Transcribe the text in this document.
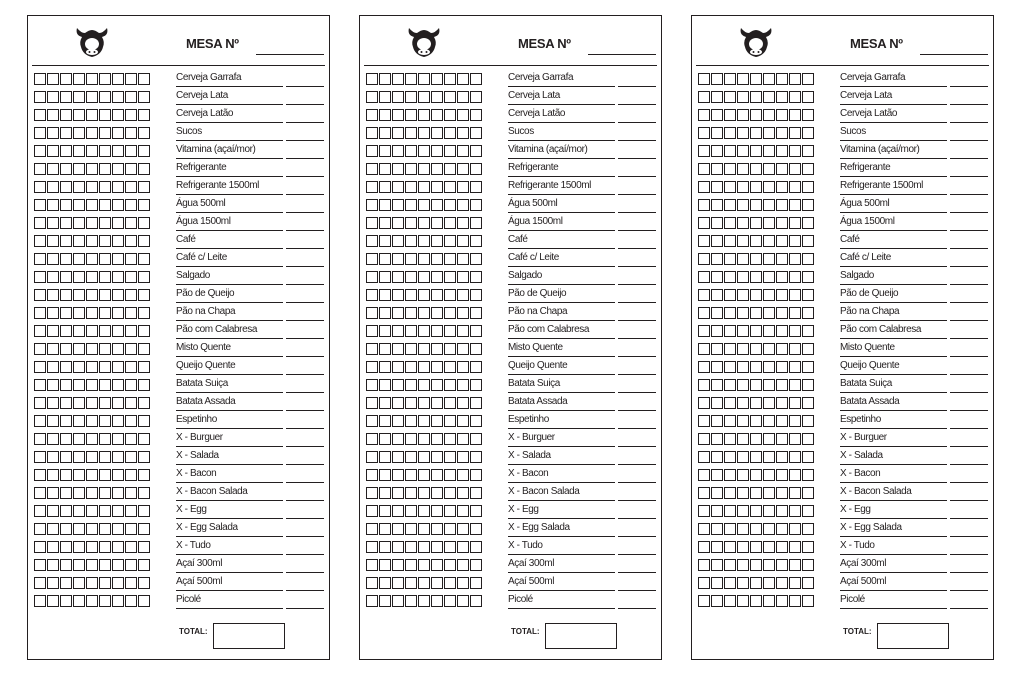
MESA Nº
Cerveja Garrafa
Cerveja Lata
Cerveja Latão
Sucos
Vitamina (açaí/mor)
Refrigerante
Refrigerante 1500ml
Água 500ml
Água 1500ml
Café
Café c/ Leite
Salgado
Pão de Queijo
Pão na Chapa
Pão com Calabresa
Misto Quente
Queijo Quente
Batata Suiça
Batata Assada
Espetinho
X - Burguer
X - Salada
X - Bacon
X - Bacon Salada
X - Egg
X - Egg Salada
X - Tudo
Açaí 300ml
Açaí 500ml
Picolé
TOTAL:
MESA Nº
Cerveja Garrafa
Cerveja Lata
Cerveja Latão
Sucos
Vitamina (açaí/mor)
Refrigerante
Refrigerante 1500ml
Água 500ml
Água 1500ml
Café
Café c/ Leite
Salgado
Pão de Queijo
Pão na Chapa
Pão com Calabresa
Misto Quente
Queijo Quente
Batata Suiça
Batata Assada
Espetinho
X - Burguer
X - Salada
X - Bacon
X - Bacon Salada
X - Egg
X - Egg Salada
X - Tudo
Açaí 300ml
Açaí 500ml
Picolé
TOTAL:
MESA Nº
Cerveja Garrafa
Cerveja Lata
Cerveja Latão
Sucos
Vitamina (açaí/mor)
Refrigerante
Refrigerante 1500ml
Água 500ml
Água 1500ml
Café
Café c/ Leite
Salgado
Pão de Queijo
Pão na Chapa
Pão com Calabresa
Misto Quente
Queijo Quente
Batata Suiça
Batata Assada
Espetinho
X - Burguer
X - Salada
X - Bacon
X - Bacon Salada
X - Egg
X - Egg Salada
X - Tudo
Açaí 300ml
Açaí 500ml
Picolé
TOTAL:
